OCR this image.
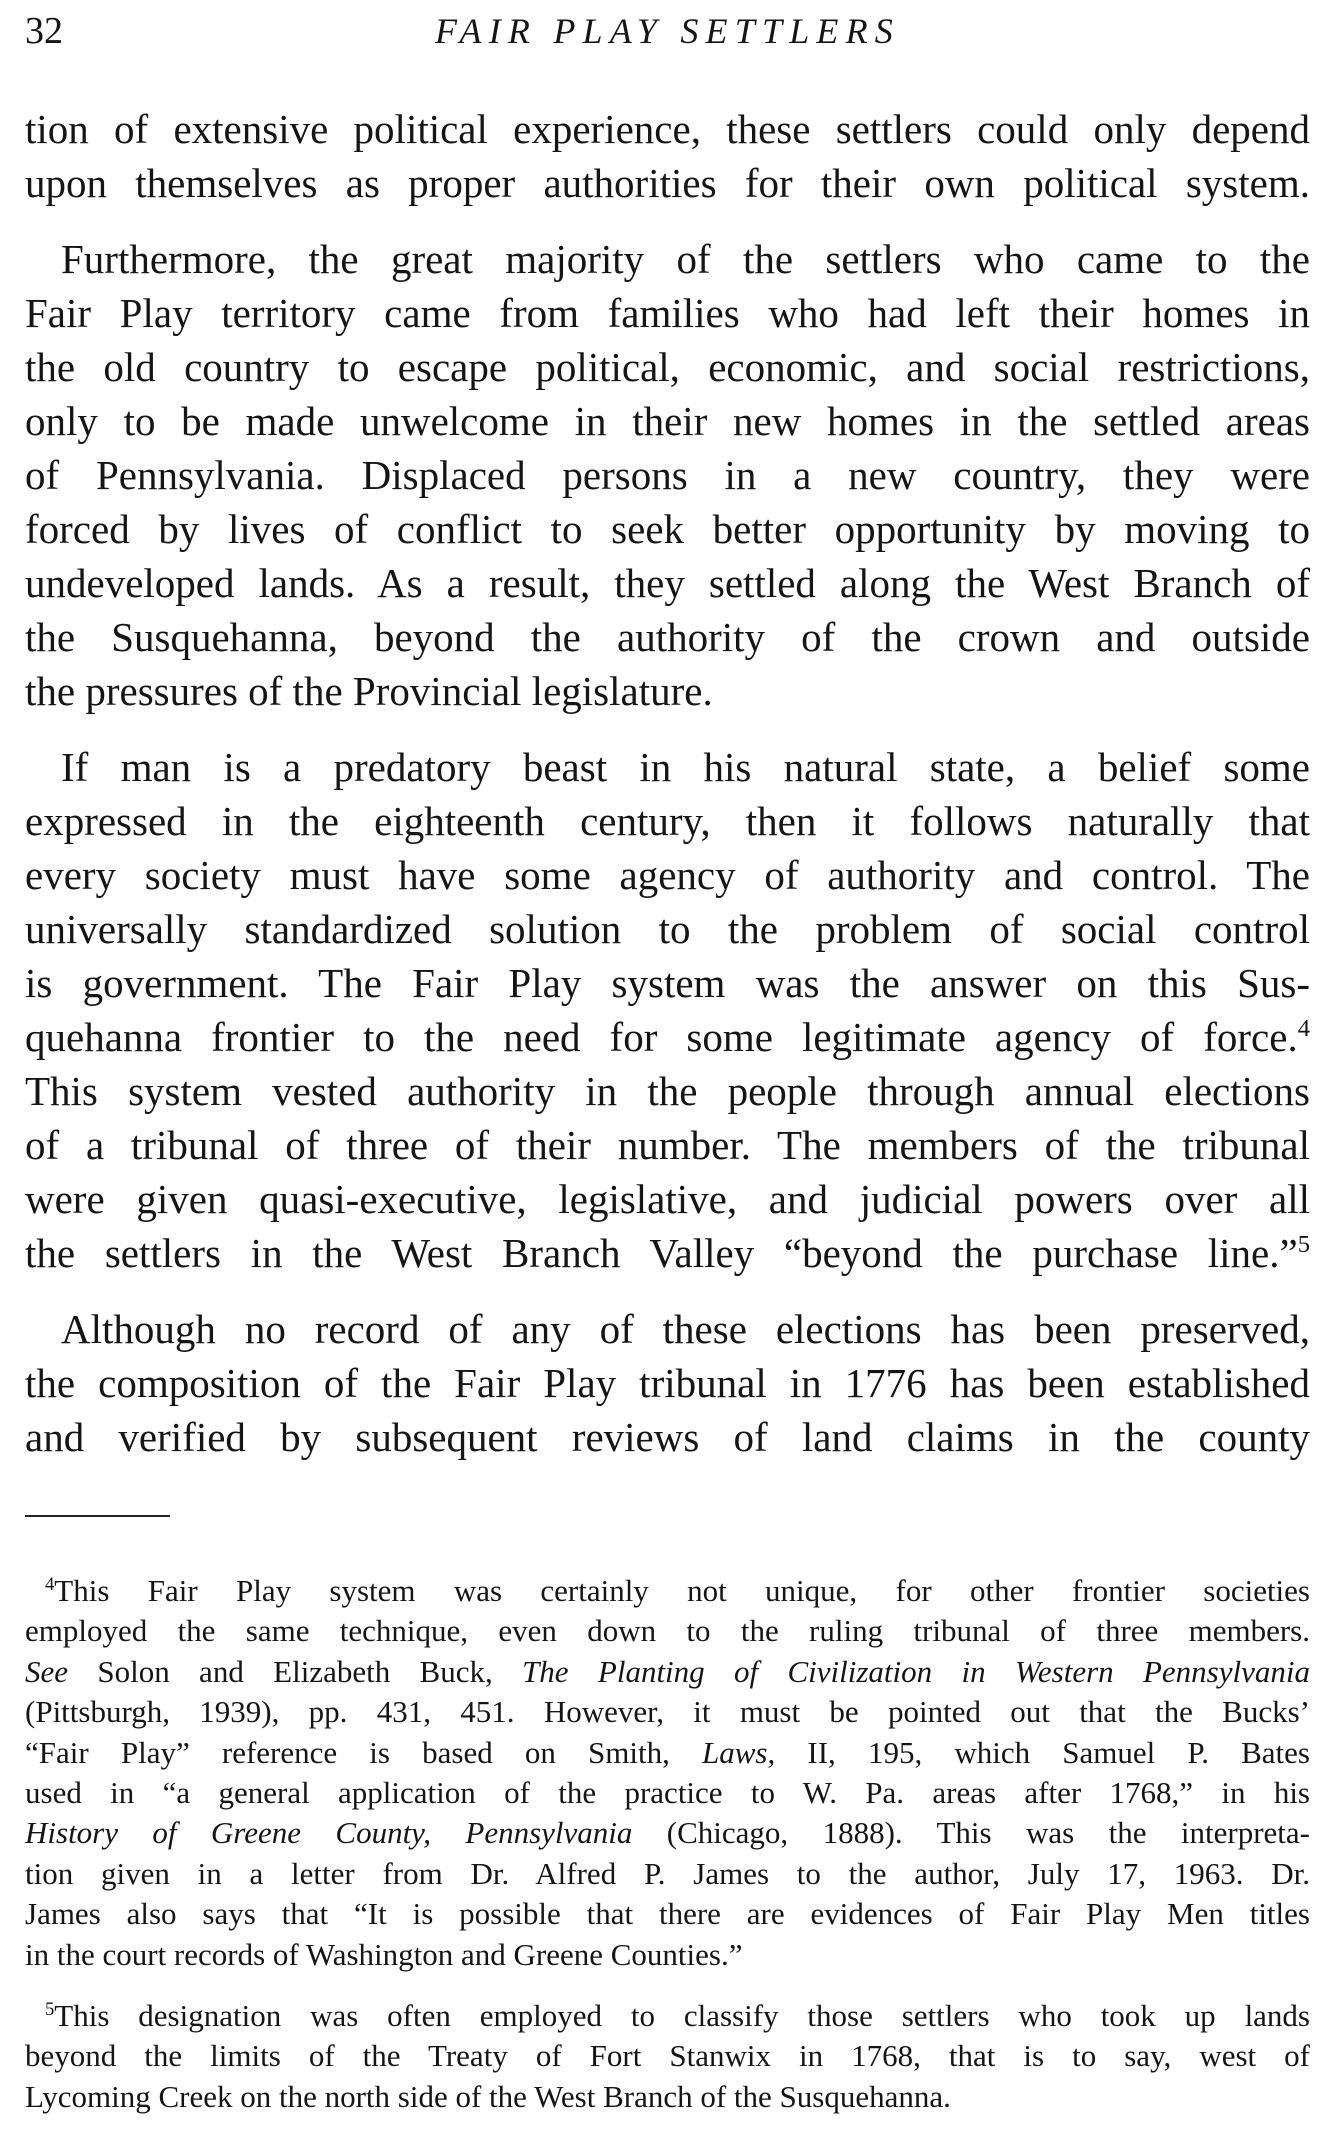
32	FAIR PLAY SETTLERS
tion of extensive political experience, these settlers could only depend
upon themselves as proper authorities for their own political system.
Furthermore, the great majority of the settlers who came to the
Fair Play territory came from families who had left their homes in
the old country to escape political, economic, and social restrictions,
only to be made unwelcome in their new homes in the settled areas
of Pennsylvania. Displaced persons in a new country, they were
forced by lives of conflict to seek better opportunity by moving to
undeveloped lands. As a result, they settled along the West Branch of
the Susquehanna, beyond the authority of the crown and outside
the pressures of the Provincial legislature.
If man is a predatory beast in his natural state, a belief some
expressed in the eighteenth century, then it follows naturally that
every society must have some agency of authority and control. The
universally standardized solution to the problem of social control
is government. The Fair Play system was the answer on this Sus-
quehanna frontier to the need for some legitimate agency of force.$^4$
This system vested authority in the people through annual elections
of a tribunal of three of their number. The members of the tribunal
were given quasi-executive, legislative, and judicial powers over all
the settlers in the West Branch Valley “beyond the purchase line.”$^5$
Although no record of any of these elections has been preserved,
the composition of the Fair Play tribunal in 1776 has been established
and verified by subsequent reviews of land claims in the county
$^4$This Fair Play system was certainly not unique, for other frontier societies
employed the same technique, even down to the ruling tribunal of three members.
See Solon and Elizabeth Buck, The Planting of Civilization in Western Pennsylvania
(Pittsburgh, 1939), pp. 431, 451. However, it must be pointed out that the Bucks’
“Fair Play” reference is based on Smith, Laws, II, 195, which Samuel P. Bates
used in “a general application of the practice to W. Pa. areas after 1768,” in his
History of Greene County, Pennsylvania (Chicago, 1888). This was the interpreta-
tion given in a letter from Dr. Alfred P. James to the author, July 17, 1963. Dr.
James also says that “It is possible that there are evidences of Fair Play Men titles
in the court records of Washington and Greene Counties.”
$^5$This designation was often employed to classify those settlers who took up lands
beyond the limits of the Treaty of Fort Stanwix in 1768, that is to say, west of
Lycoming Creek on the north side of the West Branch of the Susquehanna.
